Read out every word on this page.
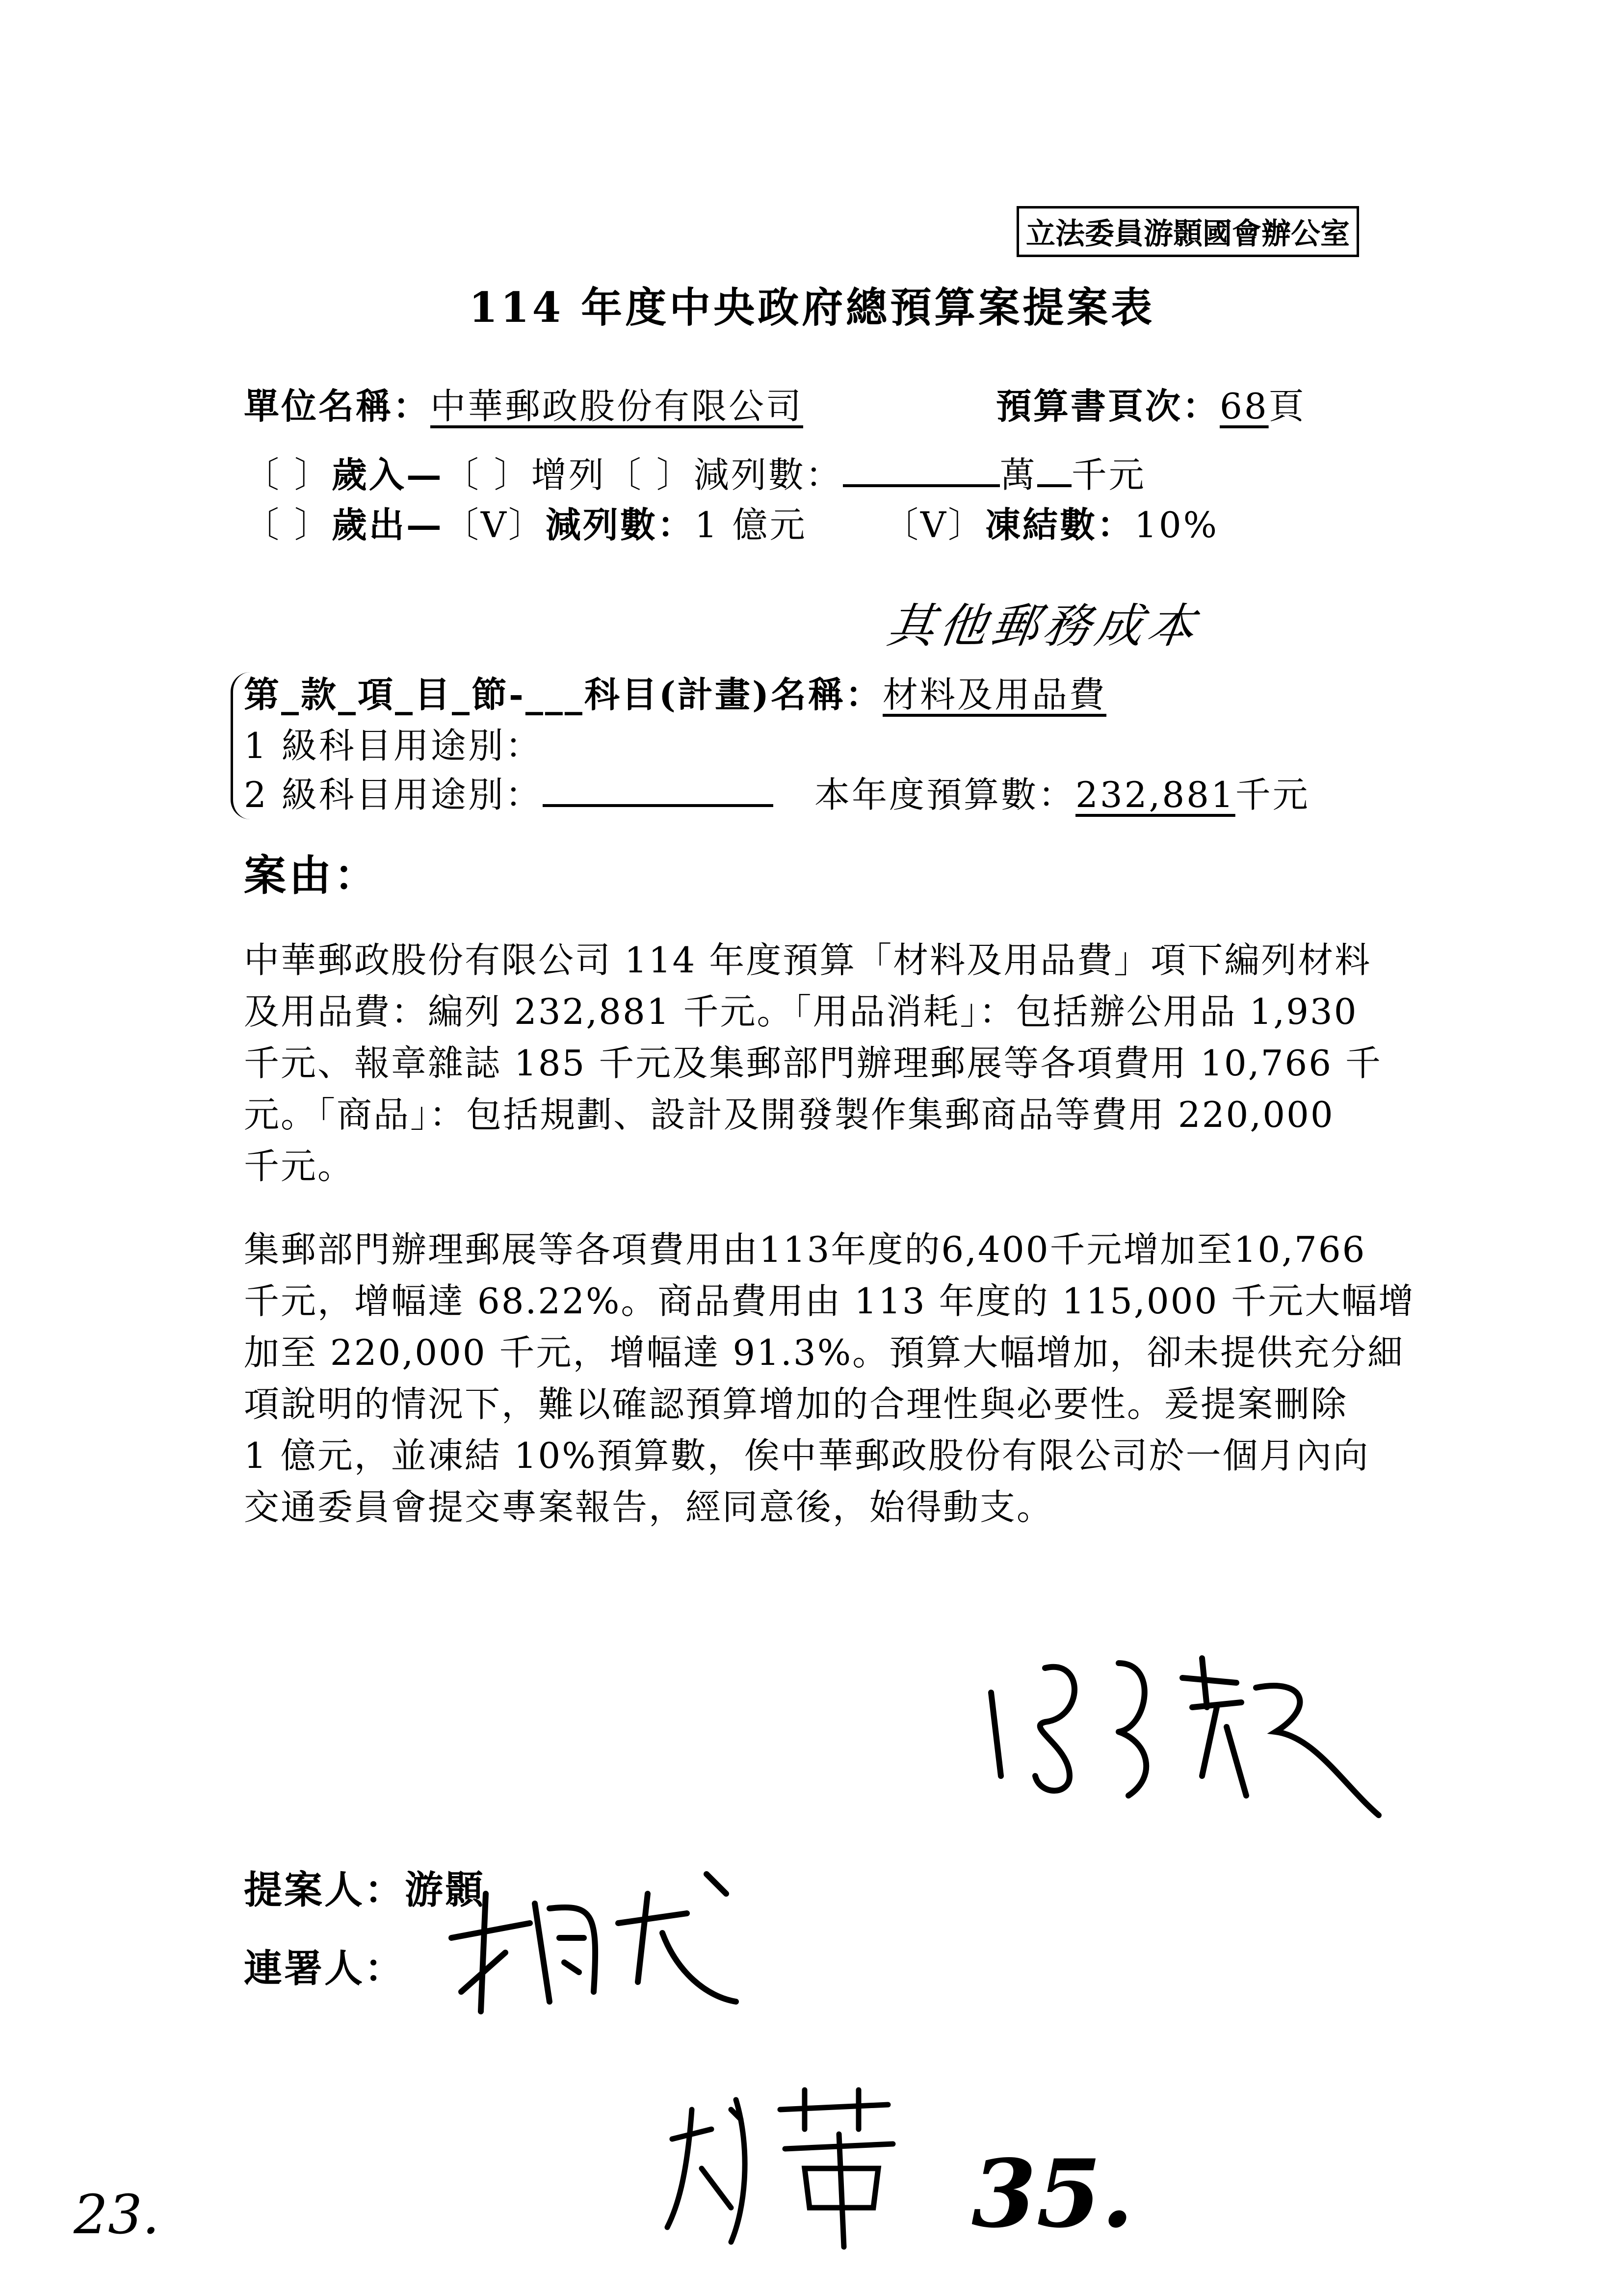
立法委員游顥國會辦公室
114 年度中央政府總預算案提案表
單位名稱：中華郵政股份有限公司	預算書頁次：68頁
〔 〕歲入—〔 〕增列〔 〕減列數：	萬 千元
〔 〕歲出—〔V〕減列數：1 億元 〔V〕凍結數：10%
其他郵務成本
第_款_項_目_節-___科目(計畫)名稱：材料及用品費
1 級科目用途別：
2 級科目用途別：	本年度預算數：232,881千元
案由：
中華郵政股份有限公司 114 年度預算「材料及用品費」項下編列材料
及用品費：編列 232,881 千元。「用品消耗」：包括辦公用品 1,930
千元、報章雜誌 185 千元及集郵部門辦理郵展等各項費用 10,766 千
元。「商品」：包括規劃、設計及開發製作集郵商品等費用 220,000
千元。
集郵部門辦理郵展等各項費用由113年度的6,400千元增加至10,766
千元，增幅達 68.22%。商品費用由 113 年度的 115,000 千元大幅增
加至 220,000 千元，增幅達 91.3%。預算大幅增加，卻未提供充分細
項說明的情況下，難以確認預算增加的合理性與必要性。爰提案刪除
1 億元，並凍結 10%預算數，俟中華郵政股份有限公司於一個月內向
交通委員會提交專案報告，經同意後，始得動支。
提案人：游顥
連署人：
35.
23.
